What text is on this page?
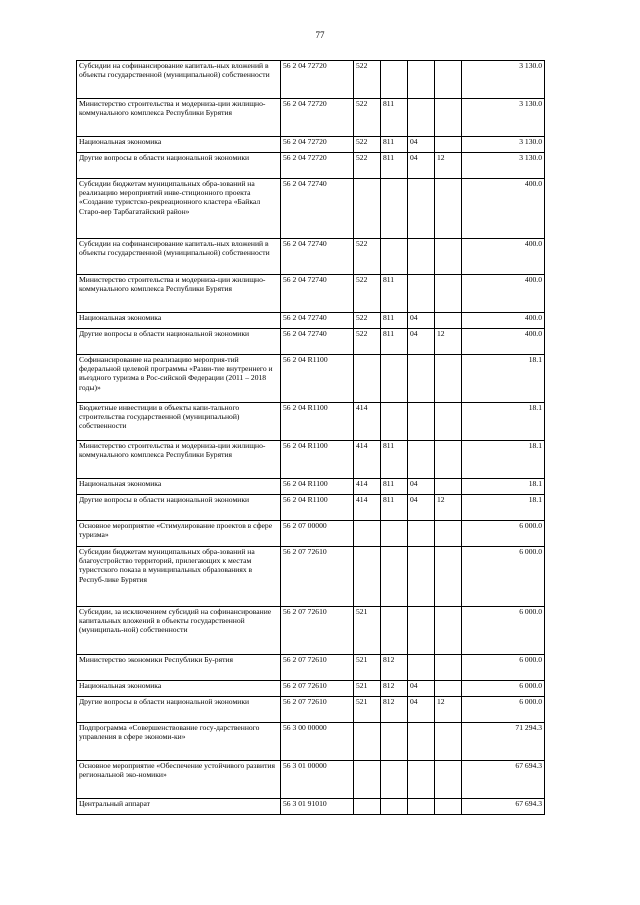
77
Субсидии на софинансирование капиталь-ных вложений в объекты государственной (муниципальной) собственности	56 2 04 72720	522				3 130.0
Министерство строительства и модерниза-ции жилищно-коммунального комплекса Республики Бурятия	56 2 04 72720	522	811			3 130.0
Национальная экономика	56 2 04 72720	522	811	04		3 130.0
Другие вопросы в области национальной экономики	56 2 04 72720	522	811	04	12	3 130.0
Субсидии бюджетам муниципальных обра-зований на реализацию мероприятий инве-стиционного проекта «Создание туристско-рекреационного кластера «Байкал Старо-вер Тарбагатайский район»	56 2 04 72740					400.0
Субсидии на софинансирование капиталь-ных вложений в объекты государственной (муниципальной) собственности	56 2 04 72740	522				400.0
Министерство строительства и модерниза-ции жилищно-коммунального комплекса Республики Бурятия	56 2 04 72740	522	811			400.0
Национальная экономика	56 2 04 72740	522	811	04		400.0
Другие вопросы в области национальной экономики	56 2 04 72740	522	811	04	12	400.0
Софинансирование на реализацию мероприя-тий федеральной целевой программы «Разви-тие внутреннего и въездного туризма в Рос-сийской Федерации (2011 – 2018 годы)»	56 2 04 R1100					18.1
Бюджетные инвестиции в объекты капи-тального строительства государственной (муниципальной) собственности	56 2 04 R1100	414				18.1
Министерство строительства и модерниза-ции жилищно-коммунального комплекса Республики Бурятия	56 2 04 R1100	414	811			18.1
Национальная экономика	56 2 04 R1100	414	811	04		18.1
Другие вопросы в области национальной экономики	56 2 04 R1100	414	811	04	12	18.1
Основное мероприятие «Стимулирование проектов в сфере туризма»	56 2 07 00000					6 000.0
Субсидии бюджетам муниципальных обра-зований на благоустройство территорий, прилегающих к местам туристского показа в муниципальных образованиях в Респуб-лике Бурятия	56 2 07 72610					6 000.0
Субсидии, за исключением субсидий на софинансирование капитальных вложений в объекты государственной (муниципаль-ной) собственности	56 2 07 72610	521				6 000.0
Министерство экономики Республики Бу-рятия	56 2 07 72610	521	812			6 000.0
Национальная экономика	56 2 07 72610	521	812	04		6 000.0
Другие вопросы в области национальной экономики	56 2 07 72610	521	812	04	12	6 000.0
Подпрограмма «Совершенствование госу-дарственного управления в сфере экономи-ки»	56 3 00 00000					71 294.3
Основное мероприятие «Обеспечение устойчивого развития региональной эко-номики»	56 3 01 00000					67 694.3
Центральный аппарат	56 3 01 91010					67 694.3
